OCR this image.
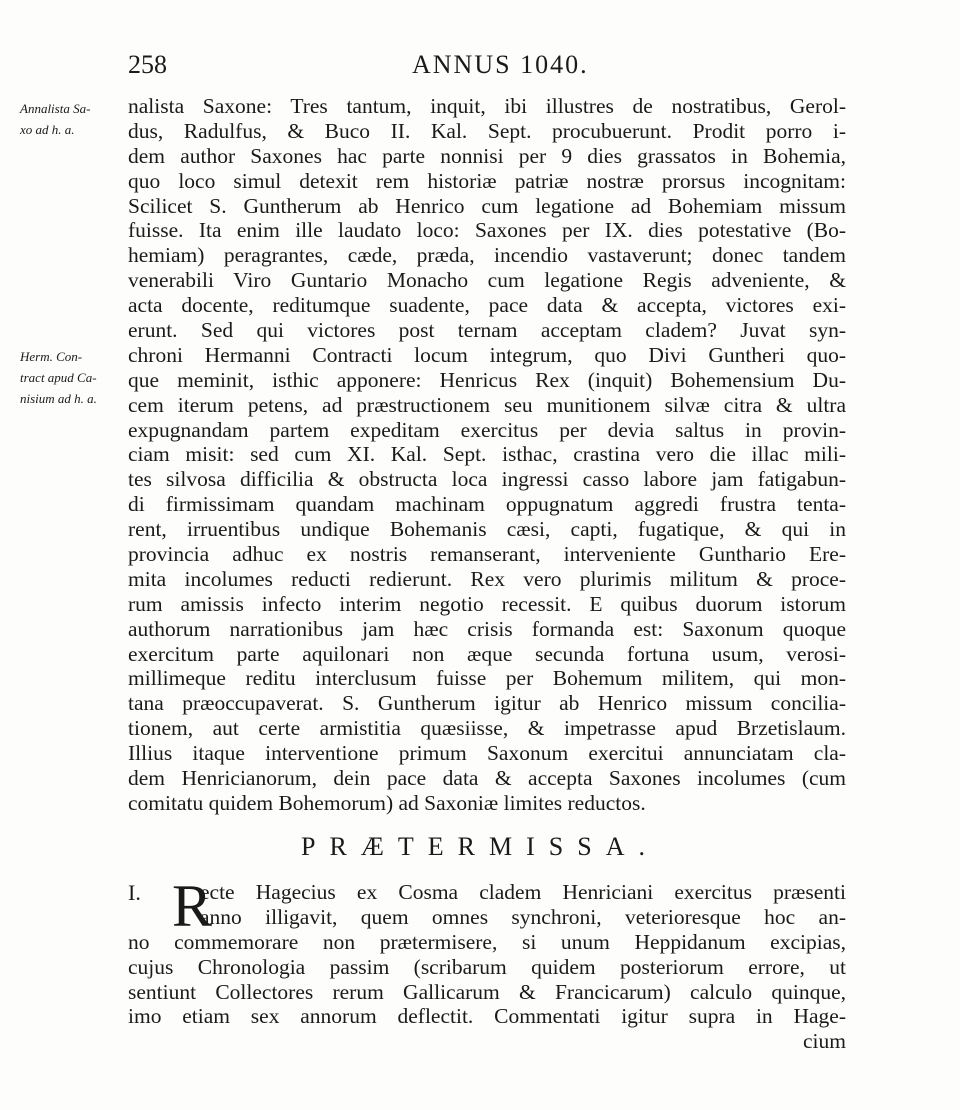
258	ANNUS 1040.
Annalista Sa-
xo ad h. a.
Herm. Con-
tract apud Ca-
nisium ad h. a.
nalista Saxone: Tres tantum, inquit, ibi illustres de nostratibus, Gerol-
dus, Radulfus, & Buco II. Kal. Sept. procubuerunt. Prodit porro i-
dem author Saxones hac parte nonnisi per 9 dies grassatos in Bohemia,
quo loco simul detexit rem historiæ patriæ nostræ prorsus incognitam:
Scilicet S. Guntherum ab Henrico cum legatione ad Bohemiam missum
fuisse. Ita enim ille laudato loco: Saxones per IX. dies potestative (Bo-
hemiam) peragrantes, cæde, præda, incendio vastaverunt; donec tandem
venerabili Viro Guntario Monacho cum legatione Regis adveniente, &
acta docente, reditumque suadente, pace data & accepta, victores exi-
erunt. Sed qui victores post ternam acceptam cladem? Juvat syn-
chroni Hermanni Contracti locum integrum, quo Divi Guntheri quo-
que meminit, isthic apponere: Henricus Rex (inquit) Bohemensium Du-
cem iterum petens, ad præstructionem seu munitionem silvæ citra & ultra
expugnandam partem expeditam exercitus per devia saltus in provin-
ciam misit: sed cum XI. Kal. Sept. isthac, crastina vero die illac mili-
tes silvosa difficilia & obstructa loca ingressi casso labore jam fatigabun-
di firmissimam quandam machinam oppugnatum aggredi frustra tenta-
rent, irruentibus undique Bohemanis cæsi, capti, fugatique, & qui in
provincia adhuc ex nostris remanserant, interveniente Gunthario Ere-
mita incolumes reducti redierunt. Rex vero plurimis militum & proce-
rum amissis infecto interim negotio recessit. E quibus duorum istorum
authorum narrationibus jam hæc crisis formanda est: Saxonum quoque
exercitum parte aquilonari non æque secunda fortuna usum, verosi-
millimeque reditu interclusum fuisse per Bohemum militem, qui mon-
tana præoccupaverat. S. Guntherum igitur ab Henrico missum concilia-
tionem, aut certe armistitia quæsiisse, & impetrasse apud Brzetislaum.
Illius itaque interventione primum Saxonum exercitui annunciatam cla-
dem Henricianorum, dein pace data & accepta Saxones incolumes (cum
comitatu quidem Bohemorum) ad Saxoniæ limites reductos.
PRÆTERMISSA.
I. R
ecte Hagecius ex Cosma cladem Henriciani exercitus præsenti
anno illigavit, quem omnes synchroni, veterioresque hoc an-
no commemorare non prætermisere, si unum Heppidanum excipias,
cujus Chronologia passim (scribarum quidem posteriorum errore, ut
sentiunt Collectores rerum Gallicarum & Francicarum) calculo quinque,
imo etiam sex annorum deflectit. Commentati igitur supra in Hage-
cium
